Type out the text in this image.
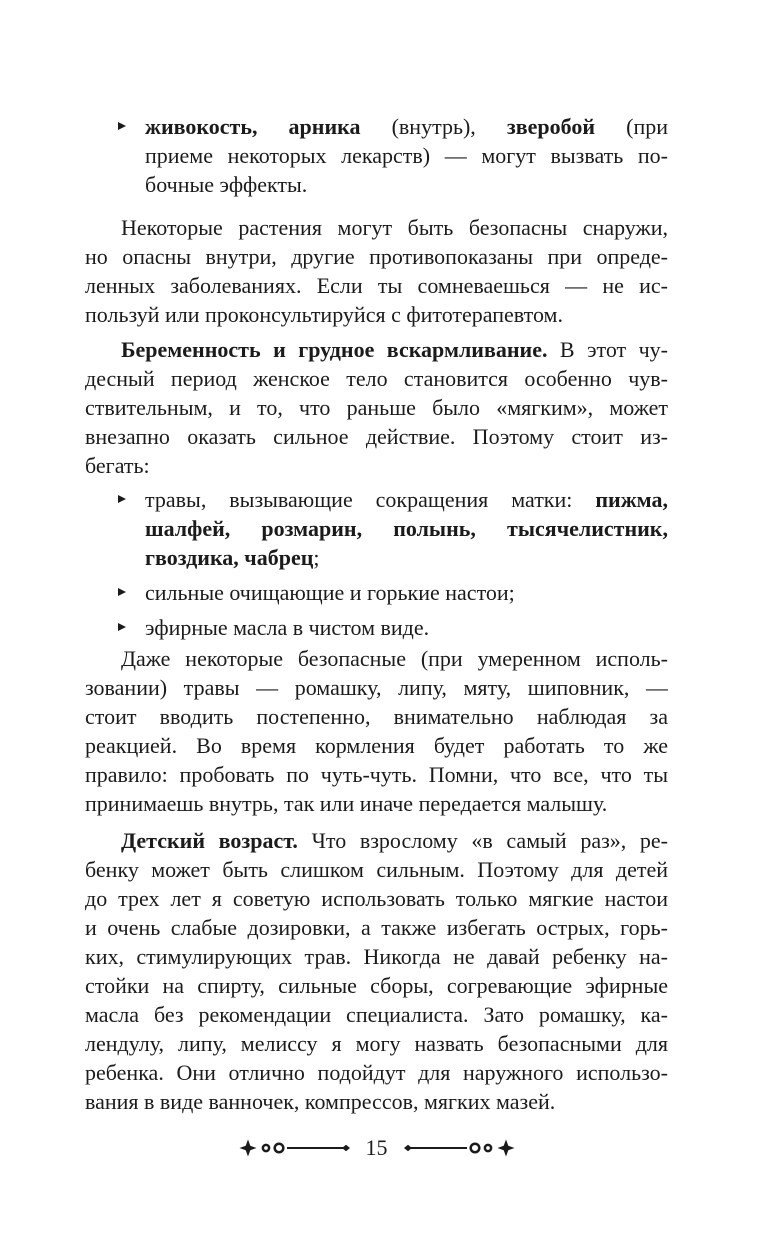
живокость, арника (внутрь), зверобой (при
приеме некоторых лекарств) — могут вызвать по-
бочные эффекты.
Некоторые растения могут быть безопасны снаружи,
но опасны внутри, другие противопоказаны при опреде-
ленных заболеваниях. Если ты сомневаешься — не ис-
пользуй или проконсультируйся с фитотерапевтом.
Беременность и грудное вскармливание. В этот чу-
десный период женское тело становится особенно чув-
ствительным, и то, что раньше было «мягким», может
внезапно оказать сильное действие. Поэтому стоит из-
бегать:
травы, вызывающие сокращения матки: пижма,
шалфей, розмарин, полынь, тысячелистник,
гвоздика, чабрец;
сильные очищающие и горькие настои;
эфирные масла в чистом виде.
Даже некоторые безопасные (при умеренном исполь-
зовании) травы — ромашку, липу, мяту, шиповник, —
стоит вводить постепенно, внимательно наблюдая за
реакцией. Во время кормления будет работать то же
правило: пробовать по чуть-чуть. Помни, что все, что ты
принимаешь внутрь, так или иначе передается малышу.
Детский возраст. Что взрослому «в самый раз», ре-
бенку может быть слишком сильным. Поэтому для детей
до трех лет я советую использовать только мягкие настои
и очень слабые дозировки, а также избегать острых, горь-
ких, стимулирующих трав. Никогда не давай ребенку на-
стойки на спирту, сильные сборы, согревающие эфирные
масла без рекомендации специалиста. Зато ромашку, ка-
лендулу, липу, мелиссу я могу назвать безопасными для
ребенка. Они отлично подойдут для наружного использо-
вания в виде ванночек, компрессов, мягких мазей.
15
